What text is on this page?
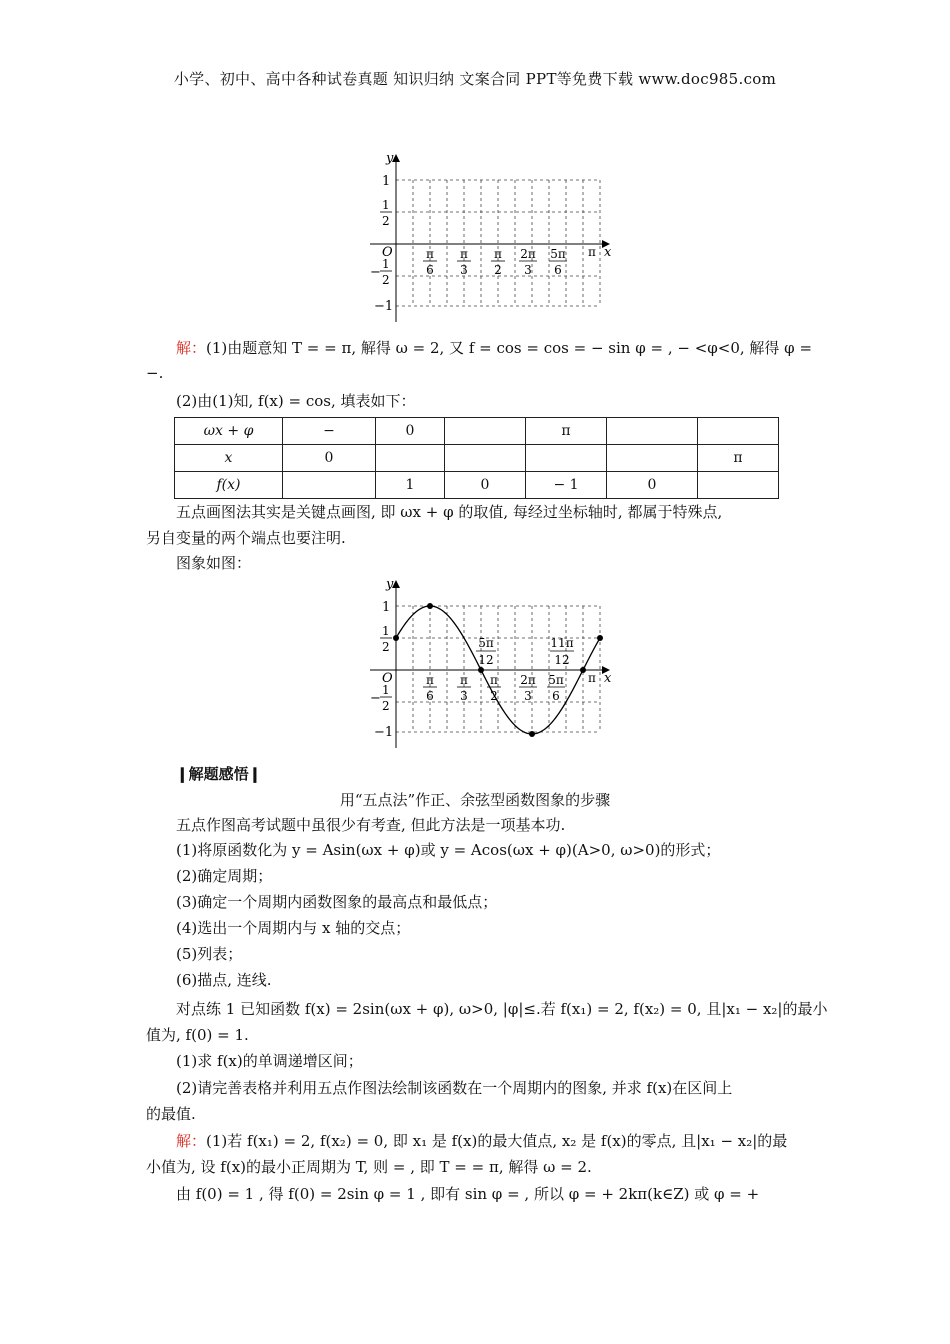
小学、初中、高中各种试卷真题 知识归纳 文案合同 PPT等免费下载 www.doc985.com
y
x
O
1
1
2
−
1
2
−1
π
6
π
3
π
2
2π
3
5π
6
π
解：(1)由题意知 T = = π, 解得 ω = 2, 又 f = cos = cos = − sin φ = , − <φ<0, 解得 φ =
−.
(2)由(1)知, f(x) = cos, 填表如下：
ωx + φ	−	0		π		
x	0					π
f(x)		1	0	− 1	0	
五点画图法其实是关键点画图, 即 ωx + φ 的取值, 每经过坐标轴时, 都属于特殊点,
另自变量的两个端点也要注明.
图象如图：
y
x
O
1
1
2
−
1
2
−1
π
6
π
3
π
2
2π
3
5π
6
π
5π
12
11π
12
❙解题感悟❙
用“五点法”作正、余弦型函数图象的步骤
五点作图高考试题中虽很少有考查, 但此方法是一项基本功.
(1)将原函数化为 y = Asin(ωx + φ)或 y = Acos(ωx + φ)(A>0, ω>0)的形式；
(2)确定周期；
(3)确定一个周期内函数图象的最高点和最低点；
(4)选出一个周期内与 x 轴的交点；
(5)列表；
(6)描点, 连线.
对点练 1 已知函数 f(x) = 2sin(ωx + φ), ω>0, |φ|≤.若 f(x₁) = 2, f(x₂) = 0, 且|x₁ − x₂|的最小
值为, f(0) = 1.
(1)求 f(x)的单调递增区间；
(2)请完善表格并利用五点作图法绘制该函数在一个周期内的图象, 并求 f(x)在区间上
的最值.
解：(1)若 f(x₁) = 2, f(x₂) = 0, 即 x₁ 是 f(x)的最大值点, x₂ 是 f(x)的零点, 且|x₁ − x₂|的最
小值为, 设 f(x)的最小正周期为 T, 则 = , 即 T = = π, 解得 ω = 2.
由 f(0) = 1 , 得 f(0) = 2sin φ = 1 , 即有 sin φ = , 所以 φ = + 2kπ(k∈Z) 或 φ = +
